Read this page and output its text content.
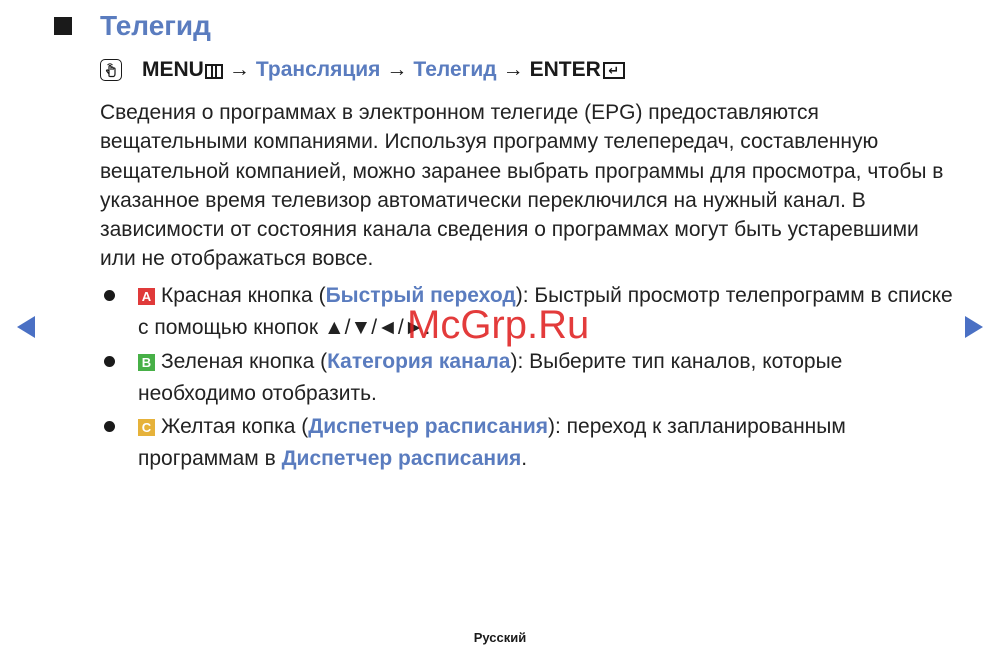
Телегид
MENU → Трансляция → Телегид → ENTER ↵

Сведения о программах в электронном телегиде (EPG) предоставляются вещательными компаниями. Используя программу телепередач, составленную вещательной компанией, можно заранее выбрать программы для просмотра, чтобы в указанное время телевизор автоматически переключился на нужный канал. В зависимости от состояния канала сведения о программах могут быть устаревшими или не отображаться вовсе.

A Красная кнопка (Быстрый переход): Быстрый просмотр телепрограмм в списке с помощью кнопок ▲/▼/◄/►.
B Зеленая кнопка (Категория канала): Выберите тип каналов, которые необходимо отобразить.
C Желтая копка (Диспетчер расписания): переход к запланированным программам в Диспетчер расписания.
McGrp.Ru
Русский
